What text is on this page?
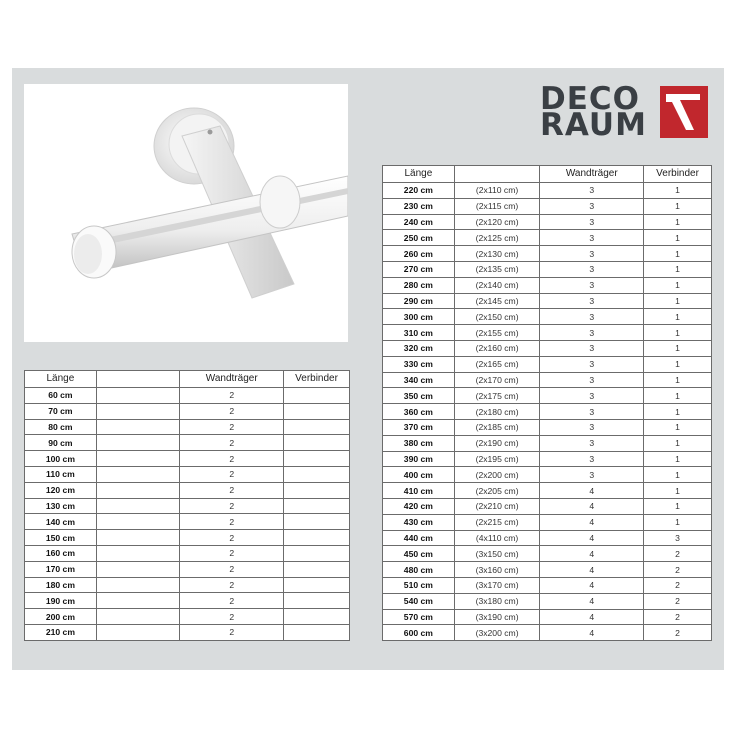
DECO
RAUM
Länge		Wandträger	Verbinder
60 cm		2	
70 cm		2	
80 cm		2	
90 cm		2	
100 cm		2	
110 cm		2	
120 cm		2	
130 cm		2	
140 cm		2	
150 cm		2	
160 cm		2	
170 cm		2	
180 cm		2	
190 cm		2	
200 cm		2	
210 cm		2	
Länge		Wandträger	Verbinder
220 cm	(2x110 cm)	3	1
230 cm	(2x115 cm)	3	1
240 cm	(2x120 cm)	3	1
250 cm	(2x125 cm)	3	1
260 cm	(2x130 cm)	3	1
270 cm	(2x135 cm)	3	1
280 cm	(2x140 cm)	3	1
290 cm	(2x145 cm)	3	1
300 cm	(2x150 cm)	3	1
310 cm	(2x155 cm)	3	1
320 cm	(2x160 cm)	3	1
330 cm	(2x165 cm)	3	1
340 cm	(2x170 cm)	3	1
350 cm	(2x175 cm)	3	1
360 cm	(2x180 cm)	3	1
370 cm	(2x185 cm)	3	1
380 cm	(2x190 cm)	3	1
390 cm	(2x195 cm)	3	1
400 cm	(2x200 cm)	3	1
410 cm	(2x205 cm)	4	1
420 cm	(2x210 cm)	4	1
430 cm	(2x215 cm)	4	1
440 cm	(4x110 cm)	4	3
450 cm	(3x150 cm)	4	2
480 cm	(3x160 cm)	4	2
510 cm	(3x170 cm)	4	2
540 cm	(3x180 cm)	4	2
570 cm	(3x190 cm)	4	2
600 cm	(3x200 cm)	4	2
